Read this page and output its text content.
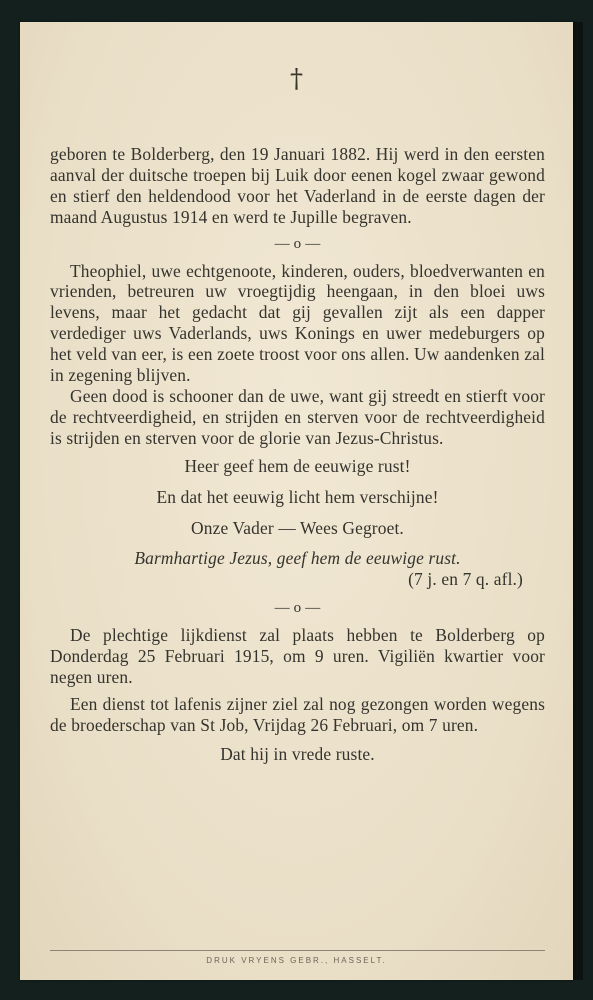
†

geboren te Bolderberg, den 19 Januari 1882. Hij werd in den eersten aanval der duitsche troepen bij Luik door eenen kogel zwaar gewond en stierf den heldendood voor het Vaderland in de eerste dagen der maand Augustus 1914 en werd te Jupille begraven.

— o —

Theophiel, uwe echtgenoote, kinderen, ouders, bloedverwanten en vrienden, betreuren uw vroegtijdig heengaan, in den bloei uws levens, maar het gedacht dat gij gevallen zijt als een dapper verdediger uws Vaderlands, uws Konings en uwer medeburgers op het veld van eer, is een zoete troost voor ons allen. Uw aandenken zal in zegening blijven.

Geen dood is schooner dan de uwe, want gij streedt en stierft voor de rechtveerdigheid, en strijden en sterven voor de rechtveerdigheid is strijden en sterven voor de glorie van Jezus-Christus.

Heer geef hem de eeuwige rust!

En dat het eeuwig licht hem verschijne!

Onze Vader — Wees Gegroet.

Barmhartige Jezus, geef hem de eeuwige rust.

(7 j. en 7 q. afl.)

— o —

De plechtige lijkdienst zal plaats hebben te Bolderberg op Donderdag 25 Februari 1915, om 9 uren. Vigiliën kwartier voor negen uren.

Een dienst tot lafenis zijner ziel zal nog gezongen worden wegens de broederschap van St Job, Vrijdag 26 Februari, om 7 uren.

Dat hij in vrede ruste.

DRUK VRYENS GEBR., HASSELT.
